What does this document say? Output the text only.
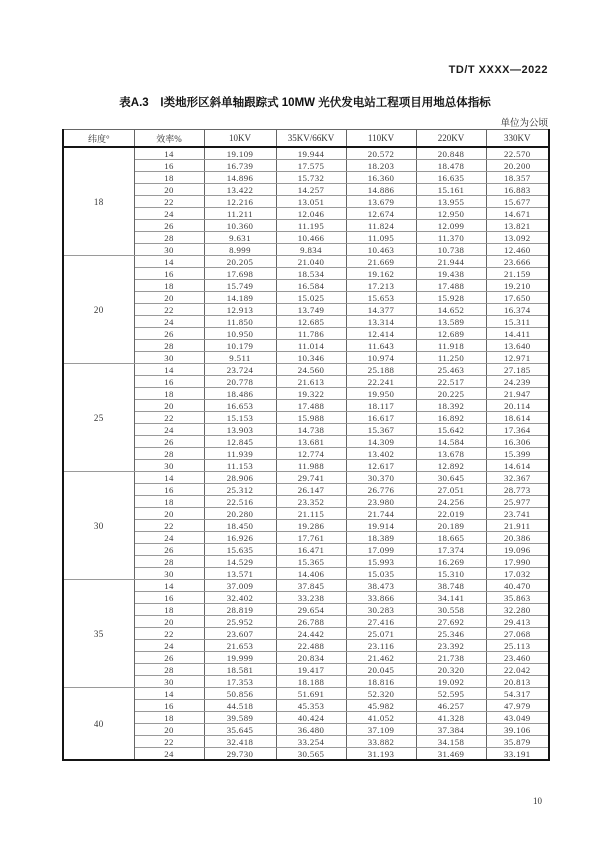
TD/T XXXX—2022
表A.3　Ⅰ类地形区斜单轴跟踪式 10MW 光伏发电站工程项目用地总体指标
单位为公顷
纬度°	效率%	10KV	35KV/66KV	110KV	220KV	330KV
18	14	19.109	19.944	20.572	20.848	22.570
	16	16.739	17.575	18.203	18.478	20.200
	18	14.896	15.732	16.360	16.635	18.357
	20	13.422	14.257	14.886	15.161	16.883
	22	12.216	13.051	13.679	13.955	15.677
	24	11.211	12.046	12.674	12.950	14.671
	26	10.360	11.195	11.824	12.099	13.821
	28	9.631	10.466	11.095	11.370	13.092
	30	8.999	9.834	10.463	10.738	12.460
20	14	20.205	21.040	21.669	21.944	23.666
	16	17.698	18.534	19.162	19.438	21.159
	18	15.749	16.584	17.213	17.488	19.210
	20	14.189	15.025	15.653	15.928	17.650
	22	12.913	13.749	14.377	14.652	16.374
	24	11.850	12.685	13.314	13.589	15.311
	26	10.950	11.786	12.414	12.689	14.411
	28	10.179	11.014	11.643	11.918	13.640
	30	9.511	10.346	10.974	11.250	12.971
25	14	23.724	24.560	25.188	25.463	27.185
	16	20.778	21.613	22.241	22.517	24.239
	18	18.486	19.322	19.950	20.225	21.947
	20	16.653	17.488	18.117	18.392	20.114
	22	15.153	15.988	16.617	16.892	18.614
	24	13.903	14.738	15.367	15.642	17.364
	26	12.845	13.681	14.309	14.584	16.306
	28	11.939	12.774	13.402	13.678	15.399
	30	11.153	11.988	12.617	12.892	14.614
30	14	28.906	29.741	30.370	30.645	32.367
	16	25.312	26.147	26.776	27.051	28.773
	18	22.516	23.352	23.980	24.256	25.977
	20	20.280	21.115	21.744	22.019	23.741
	22	18.450	19.286	19.914	20.189	21.911
	24	16.926	17.761	18.389	18.665	20.386
	26	15.635	16.471	17.099	17.374	19.096
	28	14.529	15.365	15.993	16.269	17.990
	30	13.571	14.406	15.035	15.310	17.032
35	14	37.009	37.845	38.473	38.748	40.470
	16	32.402	33.238	33.866	34.141	35.863
	18	28.819	29.654	30.283	30.558	32.280
	20	25.952	26.788	27.416	27.692	29.413
	22	23.607	24.442	25.071	25.346	27.068
	24	21.653	22.488	23.116	23.392	25.113
	26	19.999	20.834	21.462	21.738	23.460
	28	18.581	19.417	20.045	20.320	22.042
	30	17.353	18.188	18.816	19.092	20.813
40	14	50.856	51.691	52.320	52.595	54.317
	16	44.518	45.353	45.982	46.257	47.979
	18	39.589	40.424	41.052	41.328	43.049
	20	35.645	36.480	37.109	37.384	39.106
	22	32.418	33.254	33.882	34.158	35.879
	24	29.730	30.565	31.193	31.469	33.191
10
